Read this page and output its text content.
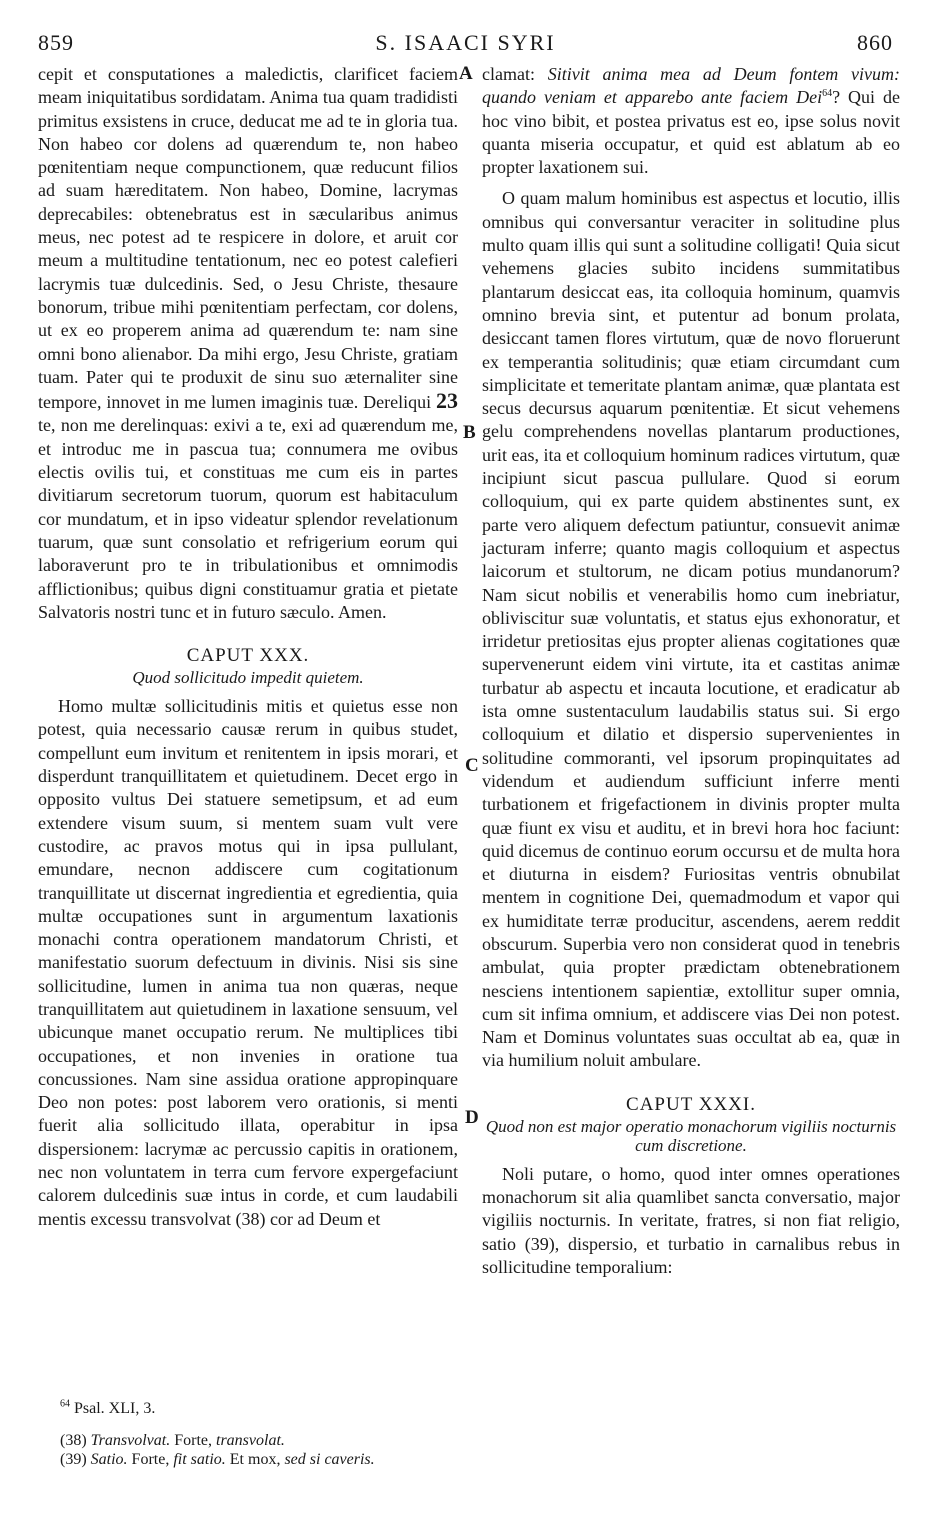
859	S. ISAACI SYRI	860
A
B
C
D

cepit et consputationes a maledictis, clarificet faciem meam iniquitatibus sordidatam. Anima tua quam tradidisti primitus exsistens in cruce, deducat me ad te in gloria tua. Non habeo cor dolens ad quærendum te, non habeo pœnitentiam neque compunctionem, quæ reducunt filios ad suam hæreditatem. Non habeo, Domine, lacrymas deprecabiles: obtenebratus est in sæcularibus animus meus, nec potest ad te respicere in dolore, et aruit cor meum a multitudine tentationum, nec eo potest calefieri lacrymis tuæ dulcedinis. Sed, o Jesu Christe, thesaure bonorum, tribue mihi pœnitentiam perfectam, cor dolens, ut ex eo properem anima ad quærendum te: nam sine omni bono alienabor. Da mihi ergo, Jesu Christe, gratiam tuam. Pater qui te produxit de sinu suo æternaliter sine tempore, innovet in me lumen imaginis tuæ. Dereliqui 23 te, non me derelinquas: exivi a te, exi ad quærendum me, et introduc me in pascua tua; connumera me ovibus electis ovilis tui, et constituas me cum eis in partes divitiarum secretorum tuorum, quorum est habitaculum cor mundatum, et in ipso videatur splendor revelationum tuarum, quæ sunt consolatio et refrigerium eorum qui laboraverunt pro te in tribulationibus et omnimodis afflictionibus; quibus digni constituamur gratia et pietate Salvatoris nostri tunc et in futuro sæculo. Amen.

CAPUT XXX.
Quod sollicitudo impedit quietem.

Homo multæ sollicitudinis mitis et quietus esse non potest, quia necessario causæ rerum in quibus studet, compellunt eum invitum et renitentem in ipsis morari, et disperdunt tranquillitatem et quietudinem. Decet ergo in opposito vultus Dei statuere semetipsum, et ad eum extendere visum suum, si mentem suam vult vere custodire, ac pravos motus qui in ipsa pullulant, emundare, necnon addiscere cum cogitationum tranquillitate ut discernat ingredientia et egredientia, quia multæ occupationes sunt in argumentum laxationis monachi contra operationem mandatorum Christi, et manifestatio suorum defectuum in divinis. Nisi sis sine sollicitudine, lumen in anima tua non quæras, neque tranquillitatem aut quietudinem in laxatione sensuum, vel ubicunque manet occupatio rerum. Ne multiplices tibi occupationes, et non invenies in oratione tua concussiones. Nam sine assidua oratione appropinquare Deo non potes: post laborem vero orationis, si menti fuerit alia sollicitudo illata, operabitur in ipsa dispersionem: lacrymæ ac percussio capitis in orationem, nec non voluntatem in terra cum fervore expergefaciunt calorem dulcedinis suæ intus in corde, et cum laudabili mentis excessu transvolvat (38) cor ad Deum et

clamat: Sitivit anima mea ad Deum fontem vivum: quando veniam et apparebo ante faciem Dei$^{64}$? Qui de hoc vino bibit, et postea privatus est eo, ipse solus novit quanta miseria occupatur, et quid est ablatum ab eo propter laxationem sui.

O quam malum hominibus est aspectus et locutio, illis omnibus qui conversantur veraciter in solitudine plus multo quam illis qui sunt a solitudine colligati! Quia sicut vehemens glacies subito incidens summitatibus plantarum desiccat eas, ita colloquia hominum, quamvis omnino brevia sint, et putentur ad bonum prolata, desiccant tamen flores virtutum, quæ de novo floruerunt ex temperantia solitudinis; quæ etiam circumdant cum simplicitate et temeritate plantam animæ, quæ plantata est secus decursus aquarum pœnitentiæ. Et sicut vehemens gelu comprehendens novellas plantarum productiones, urit eas, ita et colloquium hominum radices virtutum, quæ incipiunt sicut pascua pullulare. Quod si eorum colloquium, qui ex parte quidem abstinentes sunt, ex parte vero aliquem defectum patiuntur, consuevit animæ jacturam inferre; quanto magis colloquium et aspectus laicorum et stultorum, ne dicam potius mundanorum? Nam sicut nobilis et venerabilis homo cum inebriatur, obliviscitur suæ voluntatis, et status ejus exhonoratur, et irridetur pretiositas ejus propter alienas cogitationes quæ supervenerunt eidem vini virtute, ita et castitas animæ turbatur ab aspectu et incauta locutione, et eradicatur ab ista omne sustentaculum laudabilis status sui. Si ergo colloquium et dilatio et dispersio supervenientes in solitudine commoranti, vel ipsorum propinquitates ad videndum et audiendum sufficiunt inferre menti turbationem et frigefactionem in divinis propter multa quæ fiunt ex visu et auditu, et in brevi hora hoc faciunt: quid dicemus de continuo eorum occursu et de multa hora et diuturna in eisdem? Furiositas ventris obnubilat mentem in cognitione Dei, quemadmodum et vapor qui ex humiditate terræ producitur, ascendens, aerem reddit obscurum. Superbia vero non considerat quod in tenebris ambulat, quia propter prædictam obtenebrationem nesciens intentionem sapientiæ, extollitur super omnia, cum sit infima omnium, et addiscere vias Dei non potest. Nam et Dominus voluntates suas occultat ab ea, quæ in via humilium noluit ambulare.

CAPUT XXXI.
Quod non est major operatio monachorum vigiliis nocturnis cum discretione.

Noli putare, o homo, quod inter omnes operationes monachorum sit alia quamlibet sancta conversatio, major vigiliis nocturnis. In veritate, fratres, si non fiat religio, satio (39), dispersio, et turbatio in carnalibus rebus in sollicitudine temporalium:

$^{64}$ Psal. XLI, 3.
(38) Transvolvat. Forte, transvolat.
(39) Satio. Forte, fit satio. Et mox, sed si caveris.
